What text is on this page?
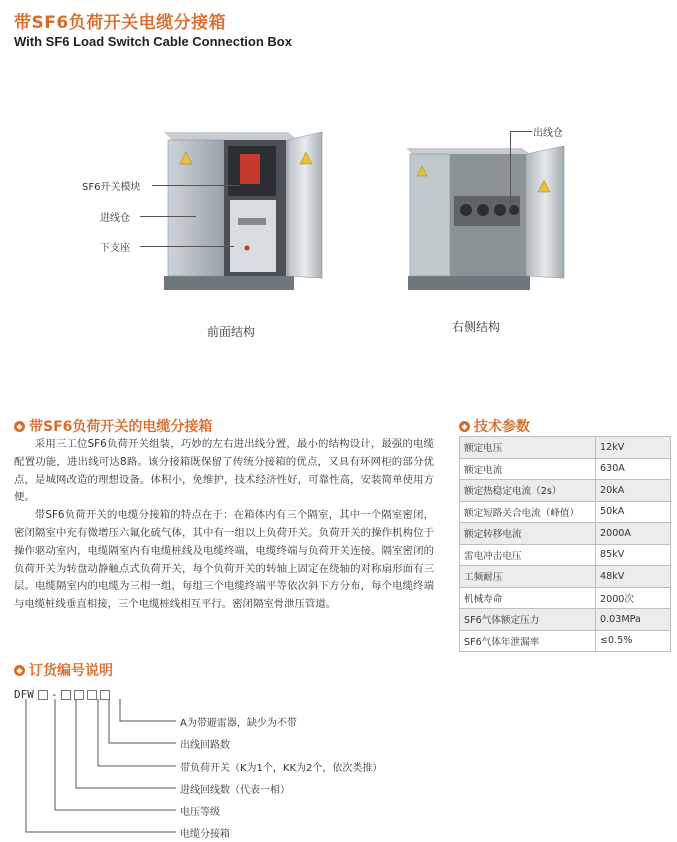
带SF6负荷开关电缆分接箱
With SF6 Load Switch Cable Connection Box
SF6开关模块
进线仓
下支座
前面结构
出线仓
右侧结构
◆ 带SF6负荷开关的电缆分接箱

采用三工位SF6负荷开关组装，巧妙的左右进出线分置，最小的结构设计，最强的电缆配置功能，进出线可达8路。该分接箱既保留了传统分接箱的优点，又具有环网柜的部分优点，是城网改造的理想设备。体积小，免维护，技术经济性好，可靠性高，安装简单使用方便。

带SF6负荷开关的电缆分接箱的特点在于：在箱体内有三个隔室，其中一个隔室密闭，密闭隔室中充有微增压六氟化硫气体，其中有一组以上负荷开关。负荷开关的操作机构位于操作驱动室内，电缆隔室内有电缆桩线及电缆终端，电缆终端与负荷开关连接。隔室密闭的负荷开关为转盘动静触点式负荷开关，每个负荷开关的转轴上固定在绕轴的对称扇形面有三层。电缆隔室内的电缆为三相一组，每组三个电缆终端平等依次斜下方分布，每个电缆终端与电缆桩线垂直相接，三个电缆桩线相互平行。密闭隔室骨泄压管道。

◆ 技术参数
额定电压	12kV
额定电流	630A
额定热稳定电流（2s）	20kA
额定短路关合电流（峰值）	50kA
额定转移电流	2000A
雷电冲击电压	85kV
工频耐压	48kV
机械寿命	2000次
SF6气体额定压力	0.03MPa
SF6气体年泄漏率	≤0.5%
◆ 订货编号说明
DFW -
A为带避雷器，缺少为不带
出线回路数
带负荷开关（K为1个，KK为2个，依次类推）
进线回线数（代表一相）
电压等级
电缆分接箱
